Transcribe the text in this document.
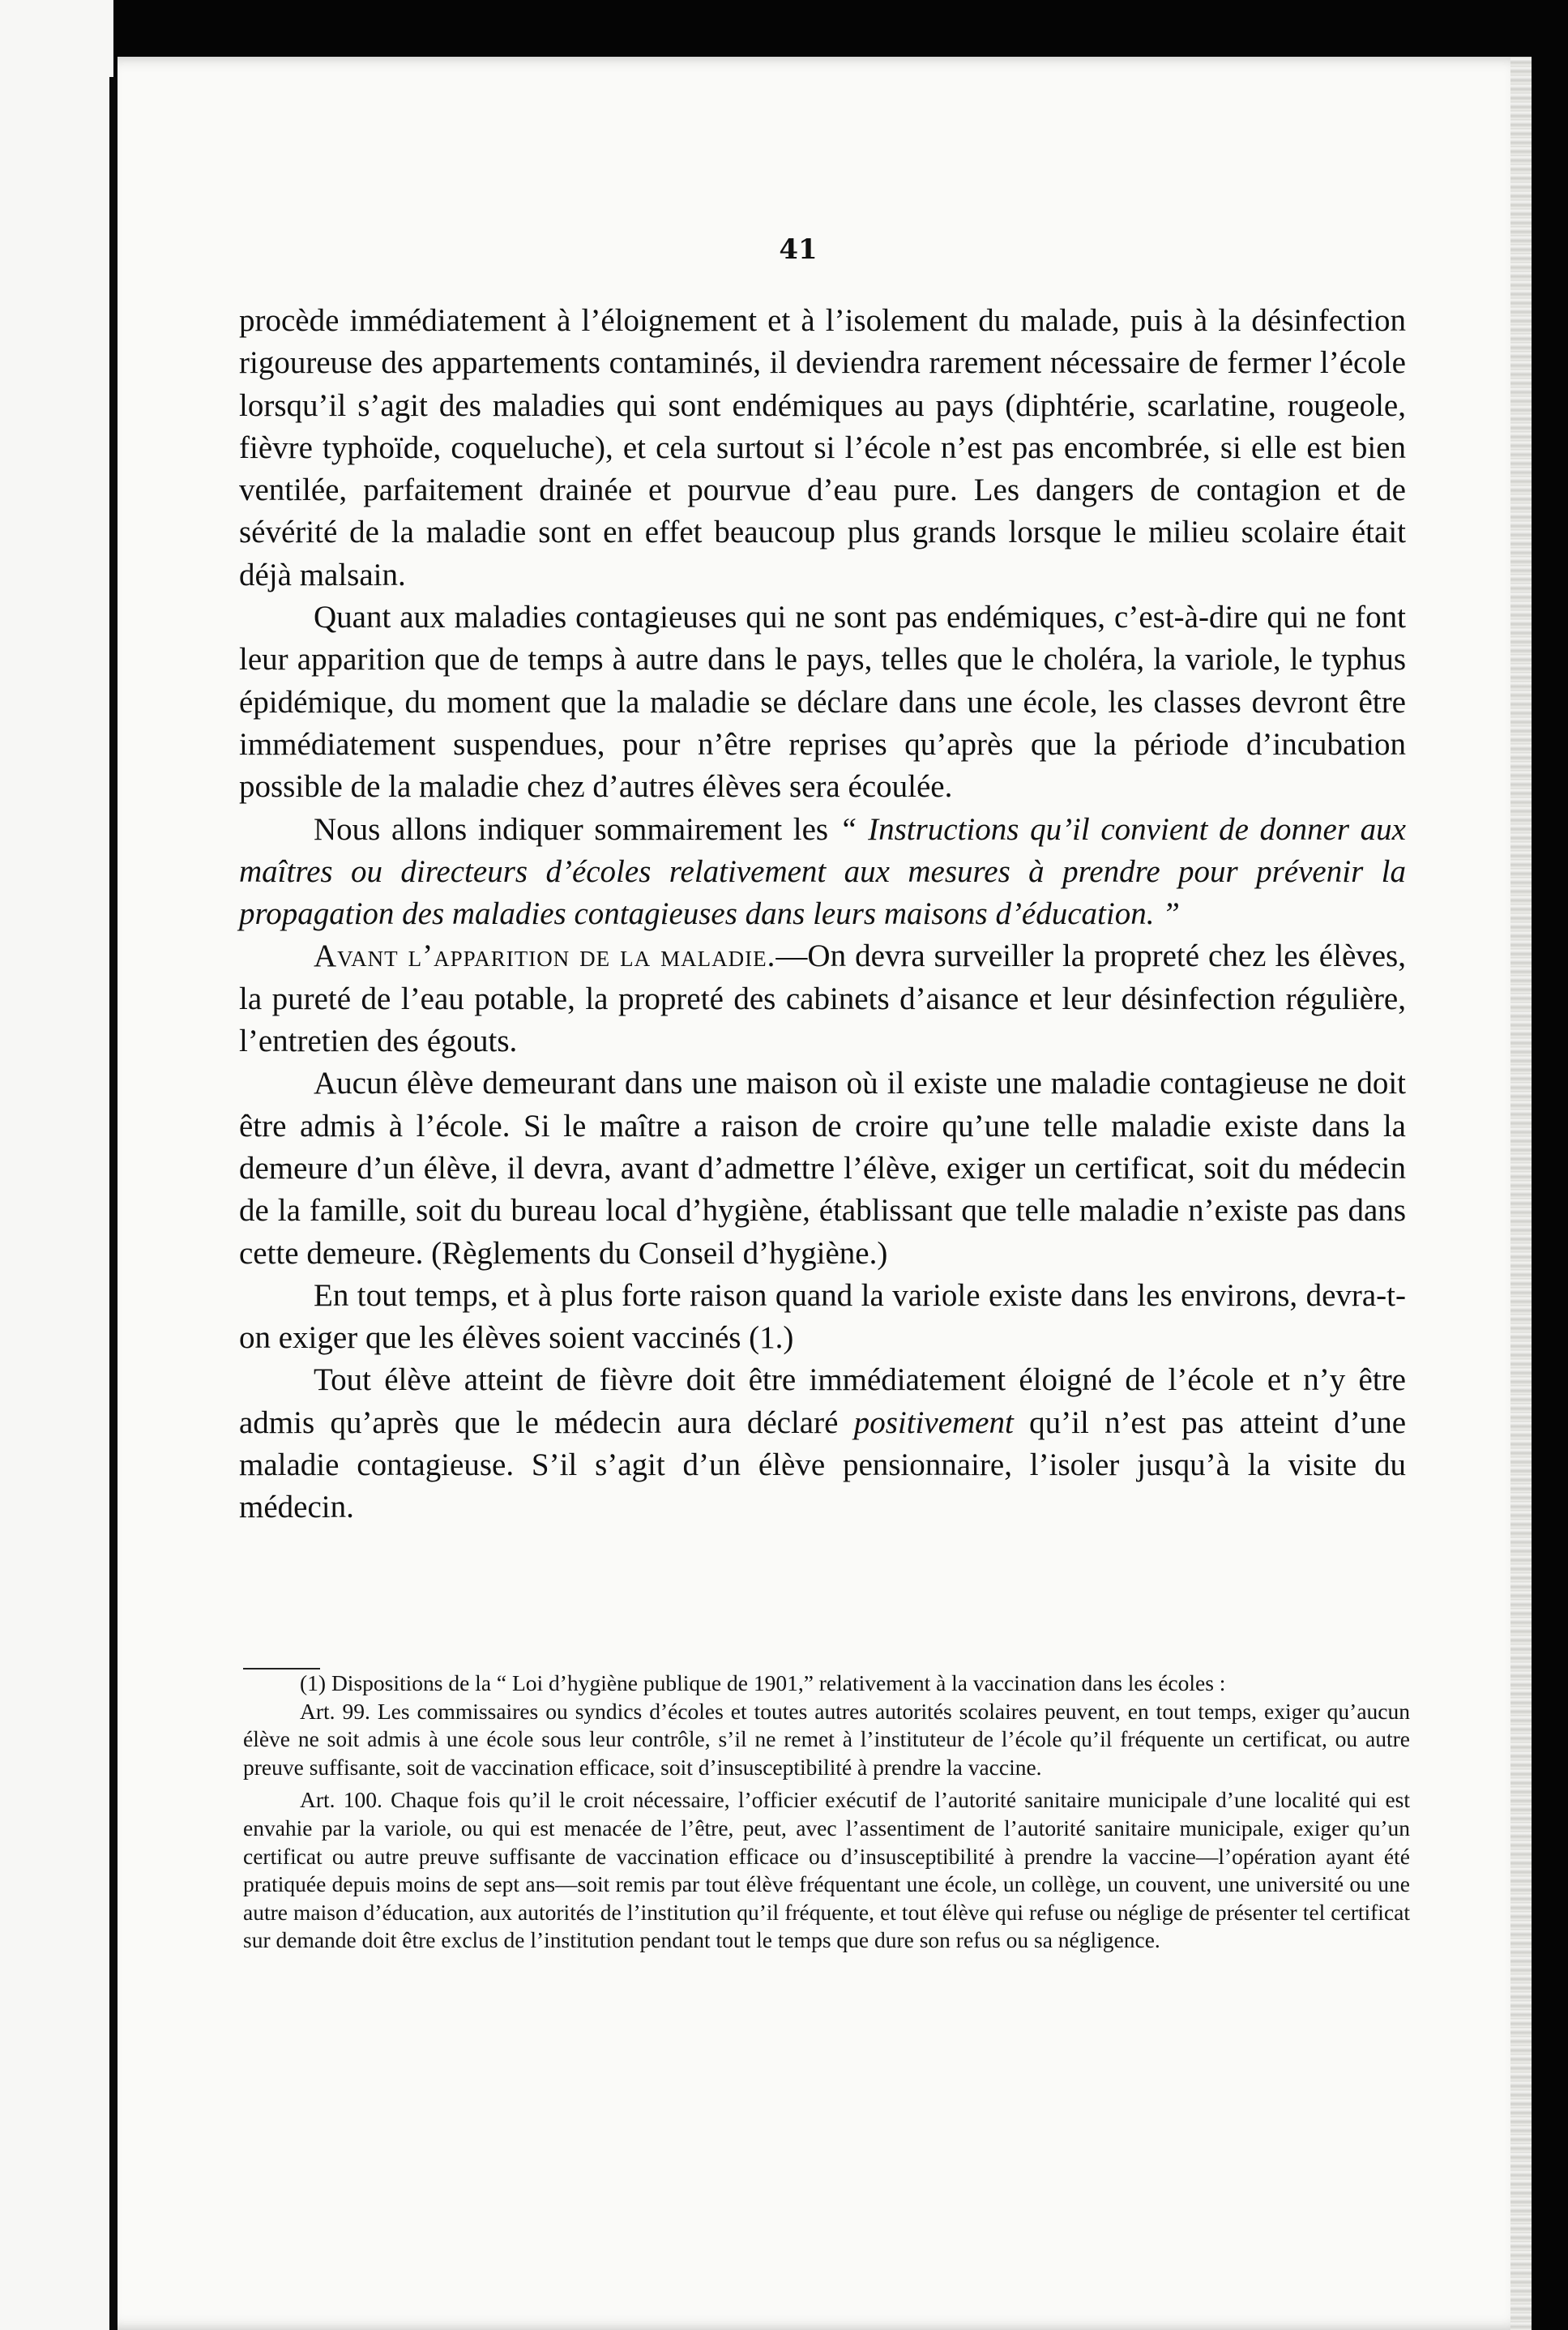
41

procède immédiatement à l’éloignement et à l’isolement du malade, puis à la désinfection rigoureuse des appartements contaminés, il deviendra rarement nécessaire de fermer l’école lorsqu’il s’agit des maladies qui sont endémiques au pays (diphtérie, scarlatine, rougeole, fièvre typhoïde, coqueluche), et cela surtout si l’école n’est pas encombrée, si elle est bien ventilée, parfaitement drainée et pourvue d’eau pure. Les dangers de contagion et de sévérité de la maladie sont en effet beaucoup plus grands lorsque le milieu scolaire était déjà malsain.

Quant aux maladies contagieuses qui ne sont pas endémiques, c’est-à-dire qui ne font leur apparition que de temps à autre dans le pays, telles que le choléra, la variole, le typhus épidémique, du moment que la maladie se déclare dans une école, les classes devront être immédiatement suspendues, pour n’être reprises qu’après que la période d’incubation possible de la maladie chez d’autres élèves sera écoulée.

Nous allons indiquer sommairement les “ Instructions qu’il convient de donner aux maîtres ou directeurs d’écoles relativement aux mesures à prendre pour prévenir la propagation des maladies contagieuses dans leurs maisons d’éducation. ”

Avant l’apparition de la maladie.—On devra surveiller la propreté chez les élèves, la pureté de l’eau potable, la propreté des cabinets d’aisance et leur désinfection régulière, l’entretien des égouts.

Aucun élève demeurant dans une maison où il existe une maladie contagieuse ne doit être admis à l’école. Si le maître a raison de croire qu’une telle maladie existe dans la demeure d’un élève, il devra, avant d’admettre l’élève, exiger un certificat, soit du médecin de la famille, soit du bureau local d’hygiène, établissant que telle maladie n’existe pas dans cette demeure. (Règlements du Conseil d’hygiène.)

En tout temps, et à plus forte raison quand la variole existe dans les environs, devra-t-on exiger que les élèves soient vaccinés (1.)

Tout élève atteint de fièvre doit être immédiatement éloigné de l’école et n’y être admis qu’après que le médecin aura déclaré positivement qu’il n’est pas atteint d’une maladie contagieuse. S’il s’agit d’un élève pensionnaire, l’isoler jusqu’à la visite du médecin.

(1) Dispositions de la “ Loi d’hygiène publique de 1901,” relativement à la vaccination dans les écoles :

Art. 99. Les commissaires ou syndics d’écoles et toutes autres autorités scolaires peuvent, en tout temps, exiger qu’aucun élève ne soit admis à une école sous leur contrôle, s’il ne remet à l’instituteur de l’école qu’il fréquente un certificat, ou autre preuve suffisante, soit de vaccination efficace, soit d’insusceptibilité à prendre la vaccine.

Art. 100. Chaque fois qu’il le croit nécessaire, l’officier exécutif de l’autorité sanitaire municipale d’une localité qui est envahie par la variole, ou qui est menacée de l’être, peut, avec l’assentiment de l’autorité sanitaire municipale, exiger qu’un certificat ou autre preuve suffisante de vaccination efficace ou d’insusceptibilité à prendre la vaccine—l’opération ayant été pratiquée depuis moins de sept ans—soit remis par tout élève fréquentant une école, un collège, un couvent, une université ou une autre maison d’éducation, aux autorités de l’institution qu’il fréquente, et tout élève qui refuse ou néglige de présenter tel certificat sur demande doit être exclus de l’institution pendant tout le temps que dure son refus ou sa négligence.
